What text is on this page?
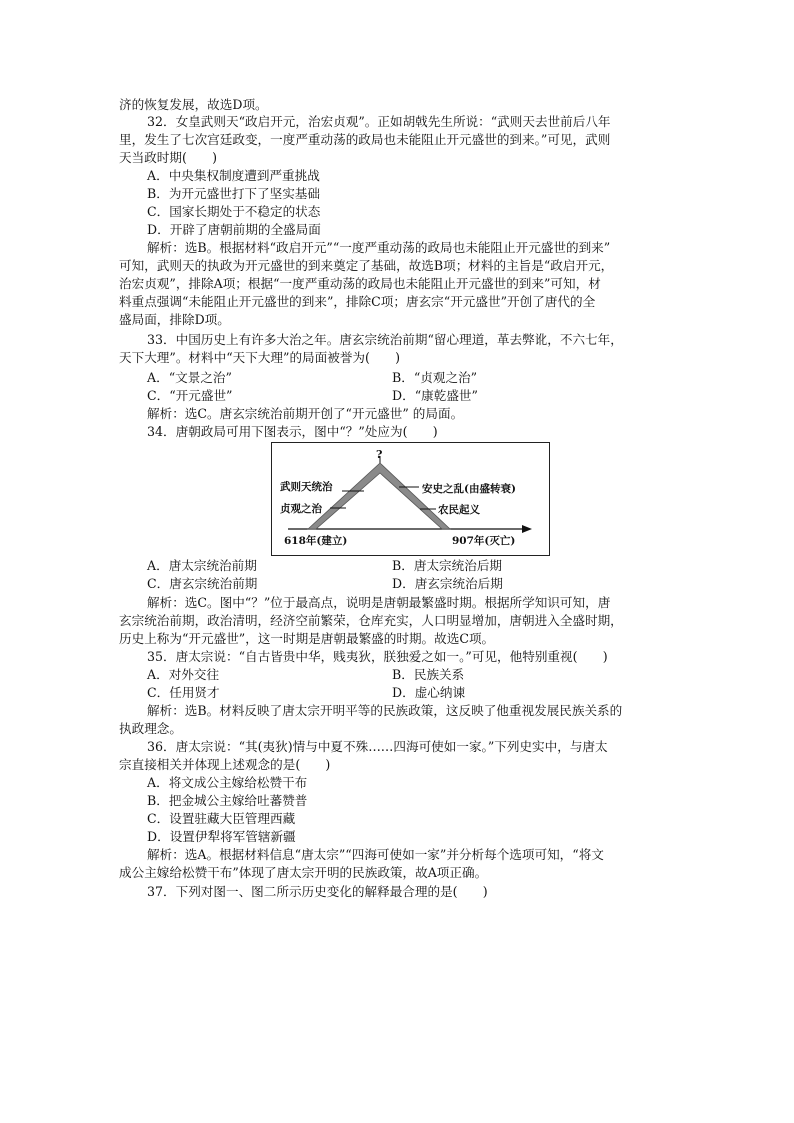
济的恢复发展，故选D项。
32．女皇武则天“政启开元，治宏贞观”。正如胡戟先生所说：“武则天去世前后八年
里，发生了七次宫廷政变，一度严重动荡的政局也未能阻止开元盛世的到来。”可见，武则
天当政时期(　　)
A．中央集权制度遭到严重挑战
B．为开元盛世打下了坚实基础
C．国家长期处于不稳定的状态
D．开辟了唐朝前期的全盛局面
解析：选B。根据材料“政启开元”“一度严重动荡的政局也未能阻止开元盛世的到来”
可知，武则天的执政为开元盛世的到来奠定了基础，故选B项；材料的主旨是“政启开元，
治宏贞观”，排除A项；根据“一度严重动荡的政局也未能阻止开元盛世的到来”可知，材
料重点强调“未能阻止开元盛世的到来”，排除C项；唐玄宗“开元盛世”开创了唐代的全
盛局面，排除D项。
33．中国历史上有许多大治之年。唐玄宗统治前期“留心理道，革去弊讹，不六七年，
天下大理”。材料中“天下大理”的局面被誉为(　　)
A．“文景之治”	B．“贞观之治”
C．“开元盛世”	D．“康乾盛世”
解析：选C。唐玄宗统治前期开创了“开元盛世” 的局面。
34．唐朝政局可用下图表示，图中“？”处应为(　　)
?
武则天统治
贞观之治
安史之乱(由盛转衰)
农民起义
618年(建立)	907年(灭亡)
A．唐太宗统治前期	B．唐太宗统治后期
C．唐玄宗统治前期	D．唐玄宗统治后期
解析：选C。图中“？”位于最高点，说明是唐朝最繁盛时期。根据所学知识可知，唐
玄宗统治前期，政治清明，经济空前繁荣，仓库充实，人口明显增加，唐朝进入全盛时期，
历史上称为“开元盛世”，这一时期是唐朝最繁盛的时期。故选C项。
35．唐太宗说：“自古皆贵中华，贱夷狄，朕独爱之如一。”可见，他特别重视(　　)
A．对外交往	B．民族关系
C．任用贤才	D．虚心纳谏
解析：选B。材料反映了唐太宗开明平等的民族政策，这反映了他重视发展民族关系的
执政理念。
36．唐太宗说：“其(夷狄)情与中夏不殊……四海可使如一家。”下列史实中，与唐太
宗直接相关并体现上述观念的是(　　)
A．将文成公主嫁给松赞干布
B．把金城公主嫁给吐蕃赞普
C．设置驻藏大臣管理西藏
D．设置伊犁将军管辖新疆
解析：选A。根据材料信息“唐太宗”“四海可使如一家”并分析每个选项可知，“将文
成公主嫁给松赞干布”体现了唐太宗开明的民族政策，故A项正确。
37．下列对图一、图二所示历史变化的解释最合理的是(　　)
